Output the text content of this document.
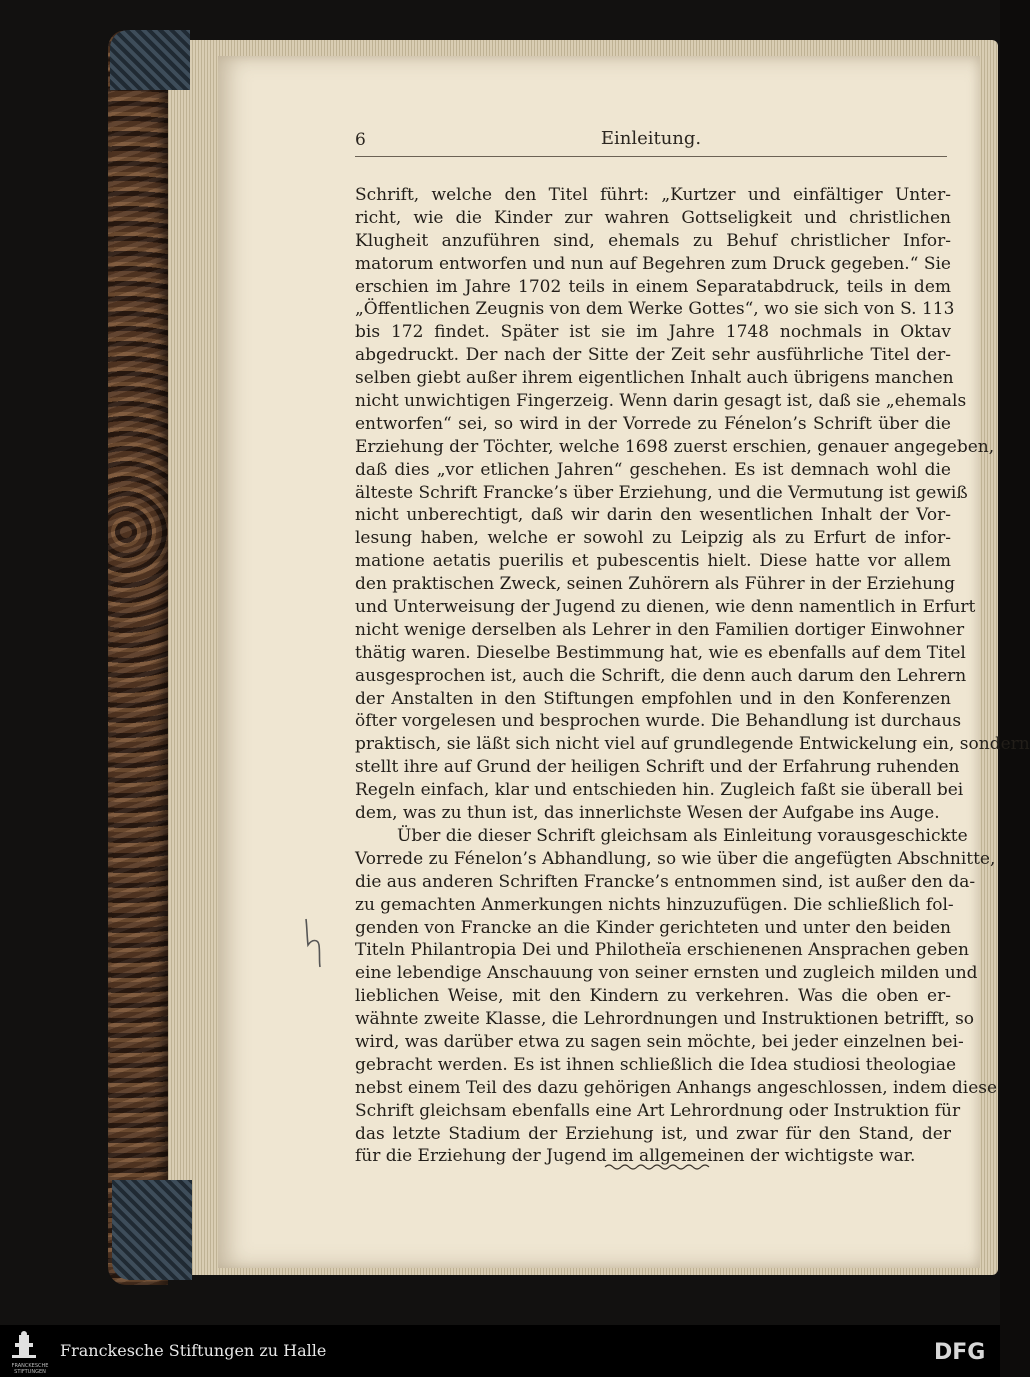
6	Einleitung.
Schrift, welche den Titel führt: „Kurtzer und einfältiger Unter-
richt, wie die Kinder zur wahren Gottseligkeit und christlichen
Klugheit anzuführen sind, ehemals zu Behuf christlicher Infor-
matorum entworfen und nun auf Begehren zum Druck gegeben.“ Sie
erschien im Jahre 1702 teils in einem Separatabdruck, teils in dem
„Öffentlichen Zeugnis von dem Werke Gottes“, wo sie sich von S. 113
bis 172 findet. Später ist sie im Jahre 1748 nochmals in Oktav
abgedruckt. Der nach der Sitte der Zeit sehr ausführliche Titel der-
selben giebt außer ihrem eigentlichen Inhalt auch übrigens manchen
nicht unwichtigen Fingerzeig. Wenn darin gesagt ist, daß sie „ehemals
entworfen“ sei, so wird in der Vorrede zu Fénelon’s Schrift über die
Erziehung der Töchter, welche 1698 zuerst erschien, genauer angegeben,
daß dies „vor etlichen Jahren“ geschehen. Es ist demnach wohl die
älteste Schrift Francke’s über Erziehung, und die Vermutung ist gewiß
nicht unberechtigt, daß wir darin den wesentlichen Inhalt der Vor-
lesung haben, welche er sowohl zu Leipzig als zu Erfurt de infor-
matione aetatis puerilis et pubescentis hielt. Diese hatte vor allem
den praktischen Zweck, seinen Zuhörern als Führer in der Erziehung
und Unterweisung der Jugend zu dienen, wie denn namentlich in Erfurt
nicht wenige derselben als Lehrer in den Familien dortiger Einwohner
thätig waren. Dieselbe Bestimmung hat, wie es ebenfalls auf dem Titel
ausgesprochen ist, auch die Schrift, die denn auch darum den Lehrern
der Anstalten in den Stiftungen empfohlen und in den Konferenzen
öfter vorgelesen und besprochen wurde. Die Behandlung ist durchaus
praktisch, sie läßt sich nicht viel auf grundlegende Entwickelung ein, sondern
stellt ihre auf Grund der heiligen Schrift und der Erfahrung ruhenden
Regeln einfach, klar und entschieden hin. Zugleich faßt sie überall bei
dem, was zu thun ist, das innerlichste Wesen der Aufgabe ins Auge.
Über die dieser Schrift gleichsam als Einleitung vorausgeschickte
Vorrede zu Fénelon’s Abhandlung, so wie über die angefügten Abschnitte,
die aus anderen Schriften Francke’s entnommen sind, ist außer den da-
zu gemachten Anmerkungen nichts hinzuzufügen. Die schließlich fol-
genden von Francke an die Kinder gerichteten und unter den beiden
Titeln Philantropia Dei und Philotheïa erschienenen Ansprachen geben
eine lebendige Anschauung von seiner ernsten und zugleich milden und
lieblichen Weise, mit den Kindern zu verkehren. Was die oben er-
wähnte zweite Klasse, die Lehrordnungen und Instruktionen betrifft, so
wird, was darüber etwa zu sagen sein möchte, bei jeder einzelnen bei-
gebracht werden. Es ist ihnen schließlich die Idea studiosi theologiae
nebst einem Teil des dazu gehörigen Anhangs angeschlossen, indem diese
Schrift gleichsam ebenfalls eine Art Lehrordnung oder Instruktion für
das letzte Stadium der Erziehung ist, und zwar für den Stand, der
für die Erziehung der Jugend im allgemeinen der wichtigste war.
FRANCKESCHE STIFTUNGEN
Franckesche Stiftungen zu Halle	DFG
